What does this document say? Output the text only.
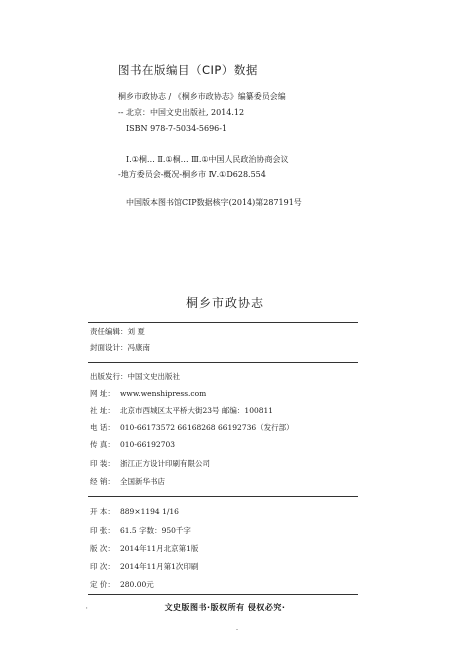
图书在版编目（CIP）数据
桐乡市政协志 / 《桐乡市政协志》编纂委员会编
-- 北京：中国文史出版社, 2014.12
ISBN 978-7-5034-5696-1
Ⅰ.①桐… Ⅱ.①桐… Ⅲ.①中国人民政治协商会议
-地方委员会-概况-桐乡市 Ⅳ.①D628.554
中国版本图书馆CIP数据核字(2014)第287191号
桐乡市政协志
责任编辑：刘 夏
封面设计：冯康南
出版发行：中国文史出版社
网 址： www.wenshipress.com
社 址： 北京市西城区太平桥大街23号 邮编：100811
电 话： 010-66173572 66168268 66192736（发行部）
传 真： 010-66192703
印 装： 浙江正方设计印刷有限公司
经 销： 全国新华书店
开 本： 889×1194 1/16
印 张： 61.5 字数：950千字
版 次： 2014年11月北京第1版
印 次： 2014年11月第1次印刷
定 价： 280.00元
文史版图书·版权所有 侵权必究·
'
-
